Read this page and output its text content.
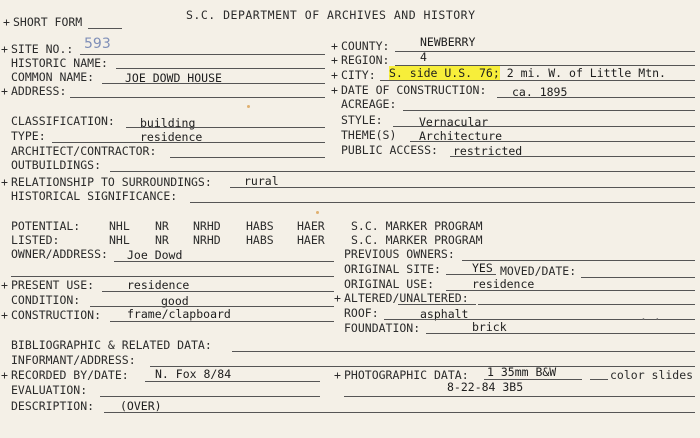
+ SHORT FORM	S.C. DEPARTMENT OF ARCHIVES AND HISTORY
+ SITE NO.: 593
HISTORIC NAME:
COMMON NAME:	JOE DOWD HOUSE
+ ADDRESS:
+ COUNTY:	NEWBERRY
+ REGION:	4
+ CITY: S. side U.S. 76; 2 mi. W. of Little Mtn.
+ DATE OF CONSTRUCTION: ca. 1895
ACREAGE:
CLASSIFICATION: building
TYPE:	residence
ARCHITECT/CONTRACTOR:
OUTBUILDINGS:
STYLE:	Vernacular
THEME(S) Architecture
PUBLIC ACCESS: restricted
+ RELATIONSHIP TO SURROUNDINGS:	rural
HISTORICAL SIGNIFICANCE:
POTENTIAL:	NHL NR NRHD HABS HAER S.C. MARKER PROGRAM
LISTED:	NHL NR NRHD HABS HAER S.C. MARKER PROGRAM
OWNER/ADDRESS: Joe Dowd	PREVIOUS OWNERS:
ORIGINAL SITE:	YES MOVED/DATE:
+ PRESENT USE:	residence	ORIGINAL USE:	residence
CONDITION:	good	+ ALTERED/UNALTERED:
+ CONSTRUCTION: frame/clapboard	ROOF:	asphalt
FOUNDATION:	brick
· ·
BIBLIOGRAPHIC & RELATED DATA:
INFORMANT/ADDRESS:
+ RECORDED BY/DATE: N. Fox 8/84	+ PHOTOGRAPHIC DATA: 1 35mm B&W	color slides
8-22-84 3B5
EVALUATION:
DESCRIPTION: (OVER)
